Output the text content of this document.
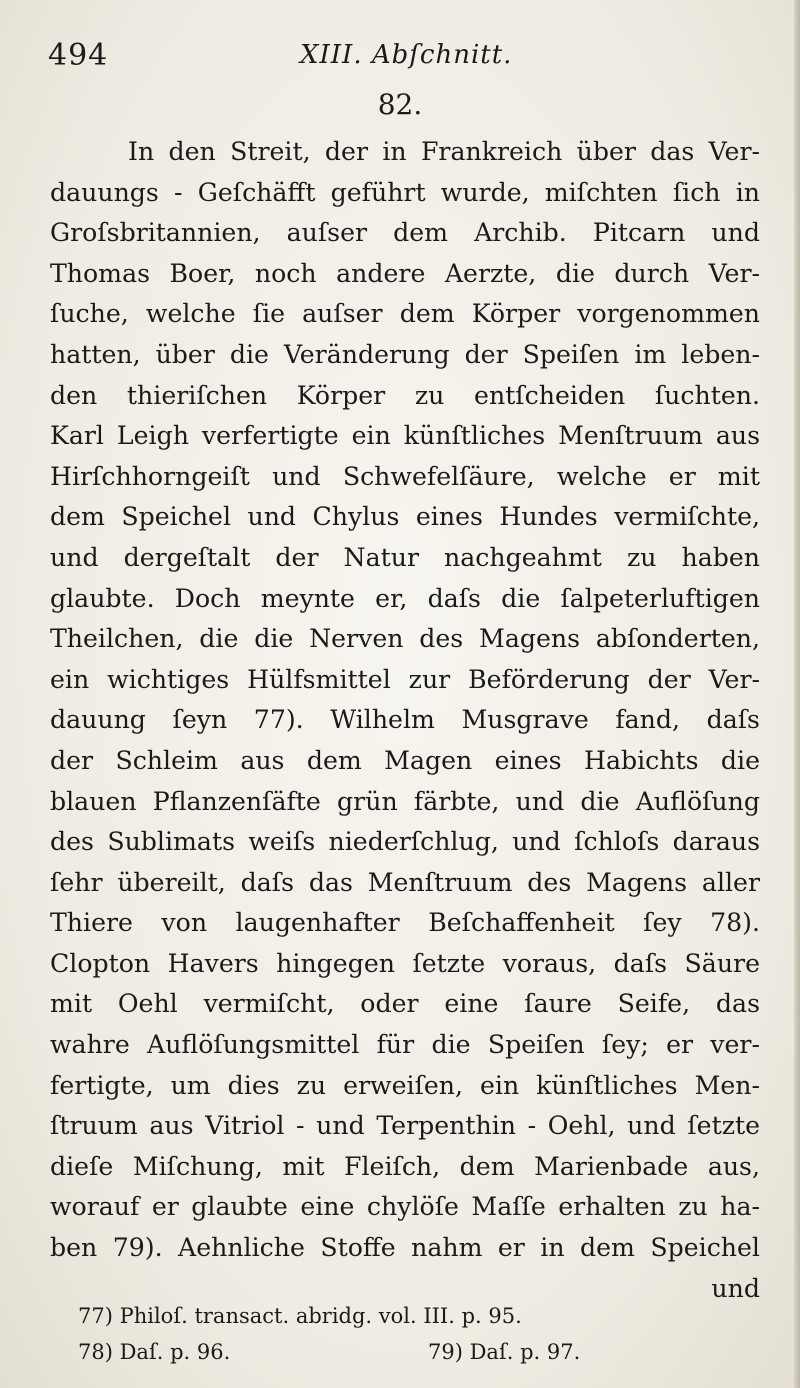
494	XIII. Abſchnitt.
82.
In den Streit, der in Frankreich über das Ver-
dauungs - Geſchäfft geführt wurde, miſchten ſich in
Groſsbritannien, auſser dem Archib. Pitcarn und
Thomas Boer, noch andere Aerzte, die durch Ver-
ſuche, welche ſie auſser dem Körper vorgenommen
hatten, über die Veränderung der Speiſen im leben-
den thieriſchen Körper zu entſcheiden ſuchten.
Karl Leigh verfertigte ein künſtliches Menſtruum aus
Hirſchhorngeiſt und Schwefelſäure, welche er mit
dem Speichel und Chylus eines Hundes vermiſchte,
und dergeſtalt der Natur nachgeahmt zu haben
glaubte. Doch meynte er, daſs die ſalpeterluftigen
Theilchen, die die Nerven des Magens abſonderten,
ein wichtiges Hülfsmittel zur Beförderung der Ver-
dauung ſeyn 77). Wilhelm Musgrave fand, daſs
der Schleim aus dem Magen eines Habichts die
blauen Pflanzenſäfte grün färbte, und die Auflöſung
des Sublimats weiſs niederſchlug, und ſchloſs daraus
ſehr übereilt, daſs das Menſtruum des Magens aller
Thiere von laugenhafter Beſchaffenheit ſey 78).
Clopton Havers hingegen ſetzte voraus, daſs Säure
mit Oehl vermiſcht, oder eine ſaure Seife, das
wahre Auflöſungsmittel für die Speiſen ſey; er ver-
fertigte, um dies zu erweiſen, ein künſtliches Men-
ſtruum aus Vitriol - und Terpenthin - Oehl, und ſetzte
dieſe Miſchung, mit Fleiſch, dem Marienbade aus,
worauf er glaubte eine chylöſe Maſſe erhalten zu ha-
ben 79). Aehnliche Stoffe nahm er in dem Speichel
und
77) Philoſ. transact. abridg. vol. III. p. 95.
78) Daſ. p. 96.	79) Daſ. p. 97.
